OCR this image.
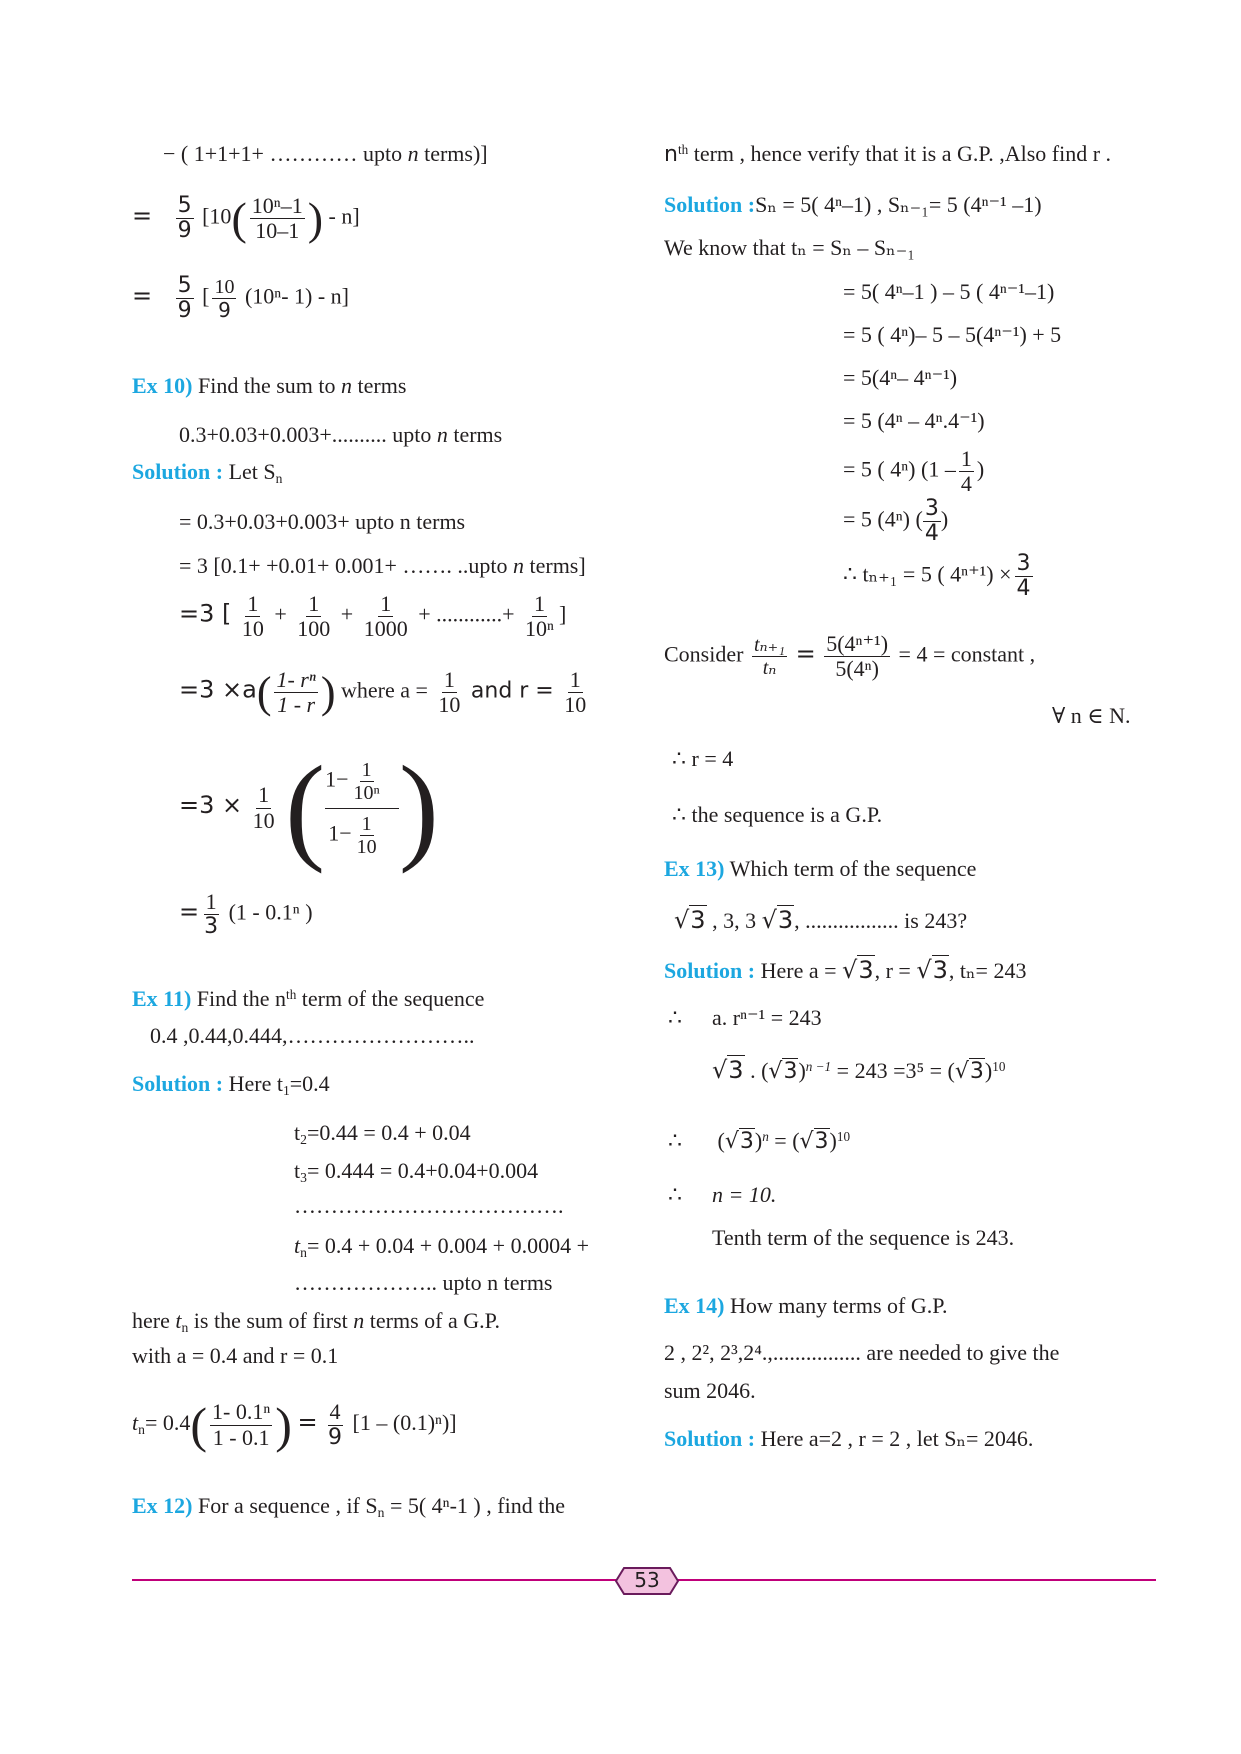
− ( 1+1+1+ ………… upto n terms)]
= $\frac{5}{9} [10( \frac{\text{10ⁿ–1}}{10-1}$ ) - n]
= $\frac{5}{9}$ [ $\frac{10}{9} (10^n-$ 1) - n]
Ex 10) Find the sum to n terms
0.3+0.03+0.003+.......... upto n terms
Solution : Let $S_n$
= 0.3+0.03+0.003+ upto n terms
= 3 [0.1+ +0.01+ 0.001+ ……. ..upto n terms]
=3 [ $\frac{1}{10} + \frac{1}{100} + \frac{1}{1000}$ + ............+ $\frac{1}{\text{10ⁿ}}$ ]
$=3 \times a( \frac{\text{1- rⁿ}}{1 - r}$ ) where $a = \frac{1}{10}$ and $r = \frac{1}{10}$
$=3 \times \frac{1}{10}$ ( $\frac{1- \frac{1}{\text{10ⁿ}}}{1- \frac{1}{10}}$ )
= $\frac{1}{3} (1 - 0.1^n$ )
Ex 11) Find the $n^{th}$ term of the sequence
0.4 ,0.44,0.444,……………………..
Solution : Here $t_1=0.4$
$t_2=0.44 = 0.4 + 0.04$
$t_3= 0.444 = 0.4+0.04+0.004$
……………………………….
$t_n= 0.4 + 0.04 + 0.004 + 0.0004$ +
……………….. upto n terms
here $t_n$ is the sum of first n terms of a G.P.
with a = 0.4 and r = 0.1
$t_n= 0.4( \frac{\text{1- 0.1ⁿ}}{1 - 0.1}$ ) = $\frac{4}{9} [1 - (0.1)^n)$]
Ex 12) For a sequence , if $S_n = 5$( 4ⁿ-1 ) , find the
$n^{th}$ term , hence verify that it is a G.P. ,Also find r .
Solution :Sₙ = 5( 4ⁿ–1) , Sₙ₋₁= 5 (4ⁿ⁻¹ –1)
We know that tₙ = Sₙ – Sₙ₋₁
= 5( 4ⁿ–1 ) – 5 ( 4ⁿ⁻¹–1)
= 5 ( 4ⁿ)– 5 – 5(4ⁿ⁻¹) + 5
= 5(4ⁿ– 4ⁿ⁻¹)
= 5 (4ⁿ – 4ⁿ.4⁻¹)
= 5 ( 4ⁿ) ($1 - \frac{1}{4}$ )
= 5 (4ⁿ) ( $\frac{3}{4}$ )
∴ tₙ₊₁ = 5 ( $4^{n+1}) \times \frac{3}{4}$
Consider $\frac{\text{tₙ₊₁}}{\text{tₙ}} = \frac{\text{5(4ⁿ⁺¹)}}{\text{5(4ⁿ)}} = 4$ = constant ,
∀ n ∈ N.
∴ r = 4
∴ the sequence is a G.P.
Ex 13) Which term of the sequence
√3 , 3, 3 √3, ................. is 243?
Solution : Here a = √3, r = √3, tₙ= 243
∴ a. rⁿ⁻¹ = 243
√3 . $(√3)^{n -1} = 243 =3^5 = (√3)^{10}$
∴ $(√3)^n = (√3)^{10}$
∴ n = 10.
Tenth term of the sequence is 243.
Ex 14) How many terms of G.P.
2 , 2², 2³,2⁴.,................ are needed to give the
sum 2046.
Solution : Here a=2 , r = 2 , let Sₙ= 2046.
53
